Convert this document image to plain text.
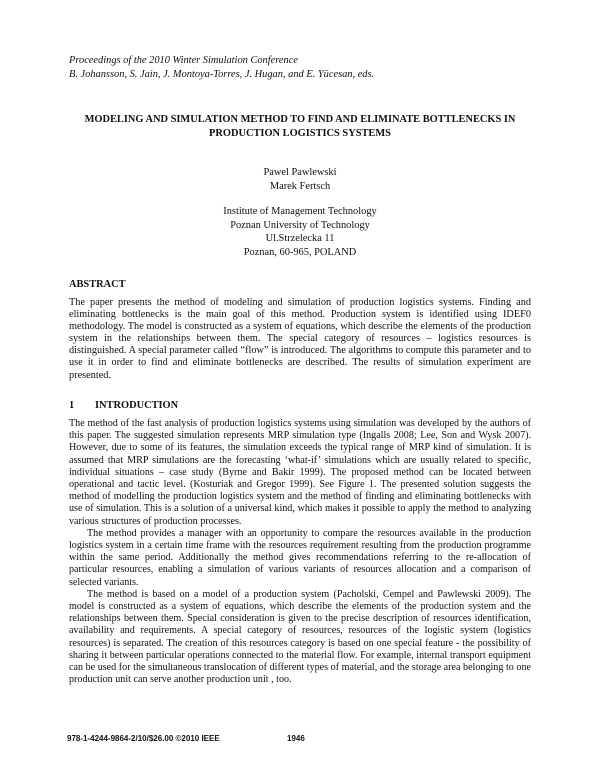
Proceedings of the 2010 Winter Simulation Conference
B. Johansson, S. Jain, J. Montoya-Torres, J. Hugan, and E. Yücesan, eds.
MODELING AND SIMULATION METHOD TO FIND AND ELIMINATE BOTTLENECKS IN
PRODUCTION LOGISTICS SYSTEMS
Pawel Pawlewski
Marek Fertsch
Institute of Management Technology
Poznan University of Technology
Ul.Strzelecka 11
Poznan, 60-965, POLAND
ABSTRACT
The paper presents the method of modeling and simulation of production logistics systems. Finding and eliminating bottlenecks is the main goal of this method. Production system is identified using IDEF0 methodology. The model is constructed as a system of equations, which describe the elements of the production system in the relationships between them. The special category of resources – logistics resources is distinguished. A special parameter called “flow” is introduced. The algorithms to compute this parameter and to use it in order to find and eliminate bottlenecks are described. The results of simulation experiment are presented.
1 INTRODUCTION

The method of the fast analysis of production logistics systems using simulation was developed by the authors of this paper. The suggested simulation represents MRP simulation type (Ingalls 2008; Lee, Son and Wysk 2007). However, due to some of its features, the simulation exceeds the typical range of MRP kind of simulation. It is assumed that MRP simulations are the forecasting ‘what-if’ simulations which are usually related to specific, individual situations – case study (Byrne and Bakir 1999). The proposed method can be located between operational and tactic level. (Kosturiak and Gregor 1999). See Figure 1. The presented solution suggests the method of modelling the production logistics system and the method of finding and eliminating bottlenecks with use of simulation. This is a solution of a universal kind, which makes it possible to apply the method to analyzing various structures of production processes.

The method provides a manager with an opportunity to compare the resources available in the production logistics system in a certain time frame with the resources requirement resulting from the production programme within the same period. Additionally the method gives recommendations referring to the re-allocation of particular resources, enabling a simulation of various variants of resources allocation and a comparison of selected variants.

The method is based on a model of a production system (Pacholski, Cempel and Pawlewski 2009). The model is constructed as a system of equations, which describe the elements of the production system and the relationships between them. Special consideration is given to the precise description of resources identification, availability and requirements. A special category of resources, resources of the logistic system (logistics resources) is separated. The creation of this resources category is based on one special feature - the possibility of sharing it between particular operations connected to the material flow. For example, internal transport equipment can be used for the simultaneous translocation of different types of material, and the storage area belonging to one production unit can serve another production unit , too.

978-1-4244-9864-2/10/$26.00 ©2010 IEEE	1946
